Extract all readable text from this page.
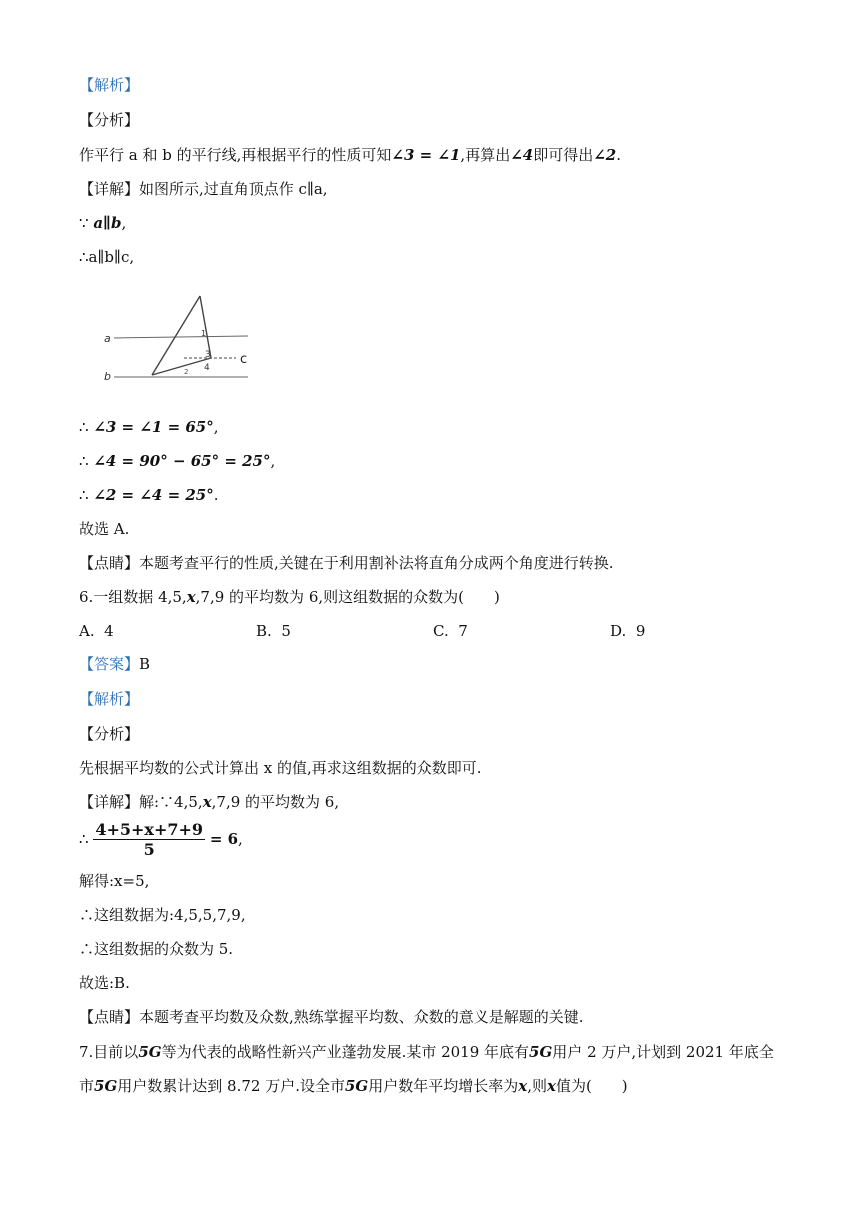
【解析】
【分析】
作平行 a 和 b 的平行线,再根据平行的性质可知∠3 = ∠1,再算出∠4即可得出∠2.
【详解】如图所示,过直角顶点作 c∥a,
∵ a∥b,
∴a∥b∥c,
a
b
c
1
3
4
2
∴ ∠3 = ∠1 = 65°,
∴ ∠4 = 90° − 65° = 25°,
∴ ∠2 = ∠4 = 25°.
故选 A.
【点睛】本题考查平行的性质,关键在于利用割补法将直角分成两个角度进行转换.
6.一组数据 4,5,x,7,9 的平均数为 6,则这组数据的众数为(　　)
A. 4	B. 5	C. 7	D. 9
【答案】B
【解析】
【分析】
先根据平均数的公式计算出 x 的值,再求这组数据的众数即可.
【详解】解:∵4,5,x,7,9 的平均数为 6,
∴ $\frac{4+5+x+7+9}{5} = 6$,
解得:x=5,
∴这组数据为:4,5,5,7,9,
∴这组数据的众数为 5.
故选:B.
【点睛】本题考查平均数及众数,熟练掌握平均数、众数的意义是解题的关键.
7.目前以5G等为代表的战略性新兴产业蓬勃发展.某市 2019 年底有5G用户 2 万户,计划到 2021 年底全
市5G用户数累计达到 8.72 万户.设全市5G用户数年平均增长率为x,则x值为(　　)
